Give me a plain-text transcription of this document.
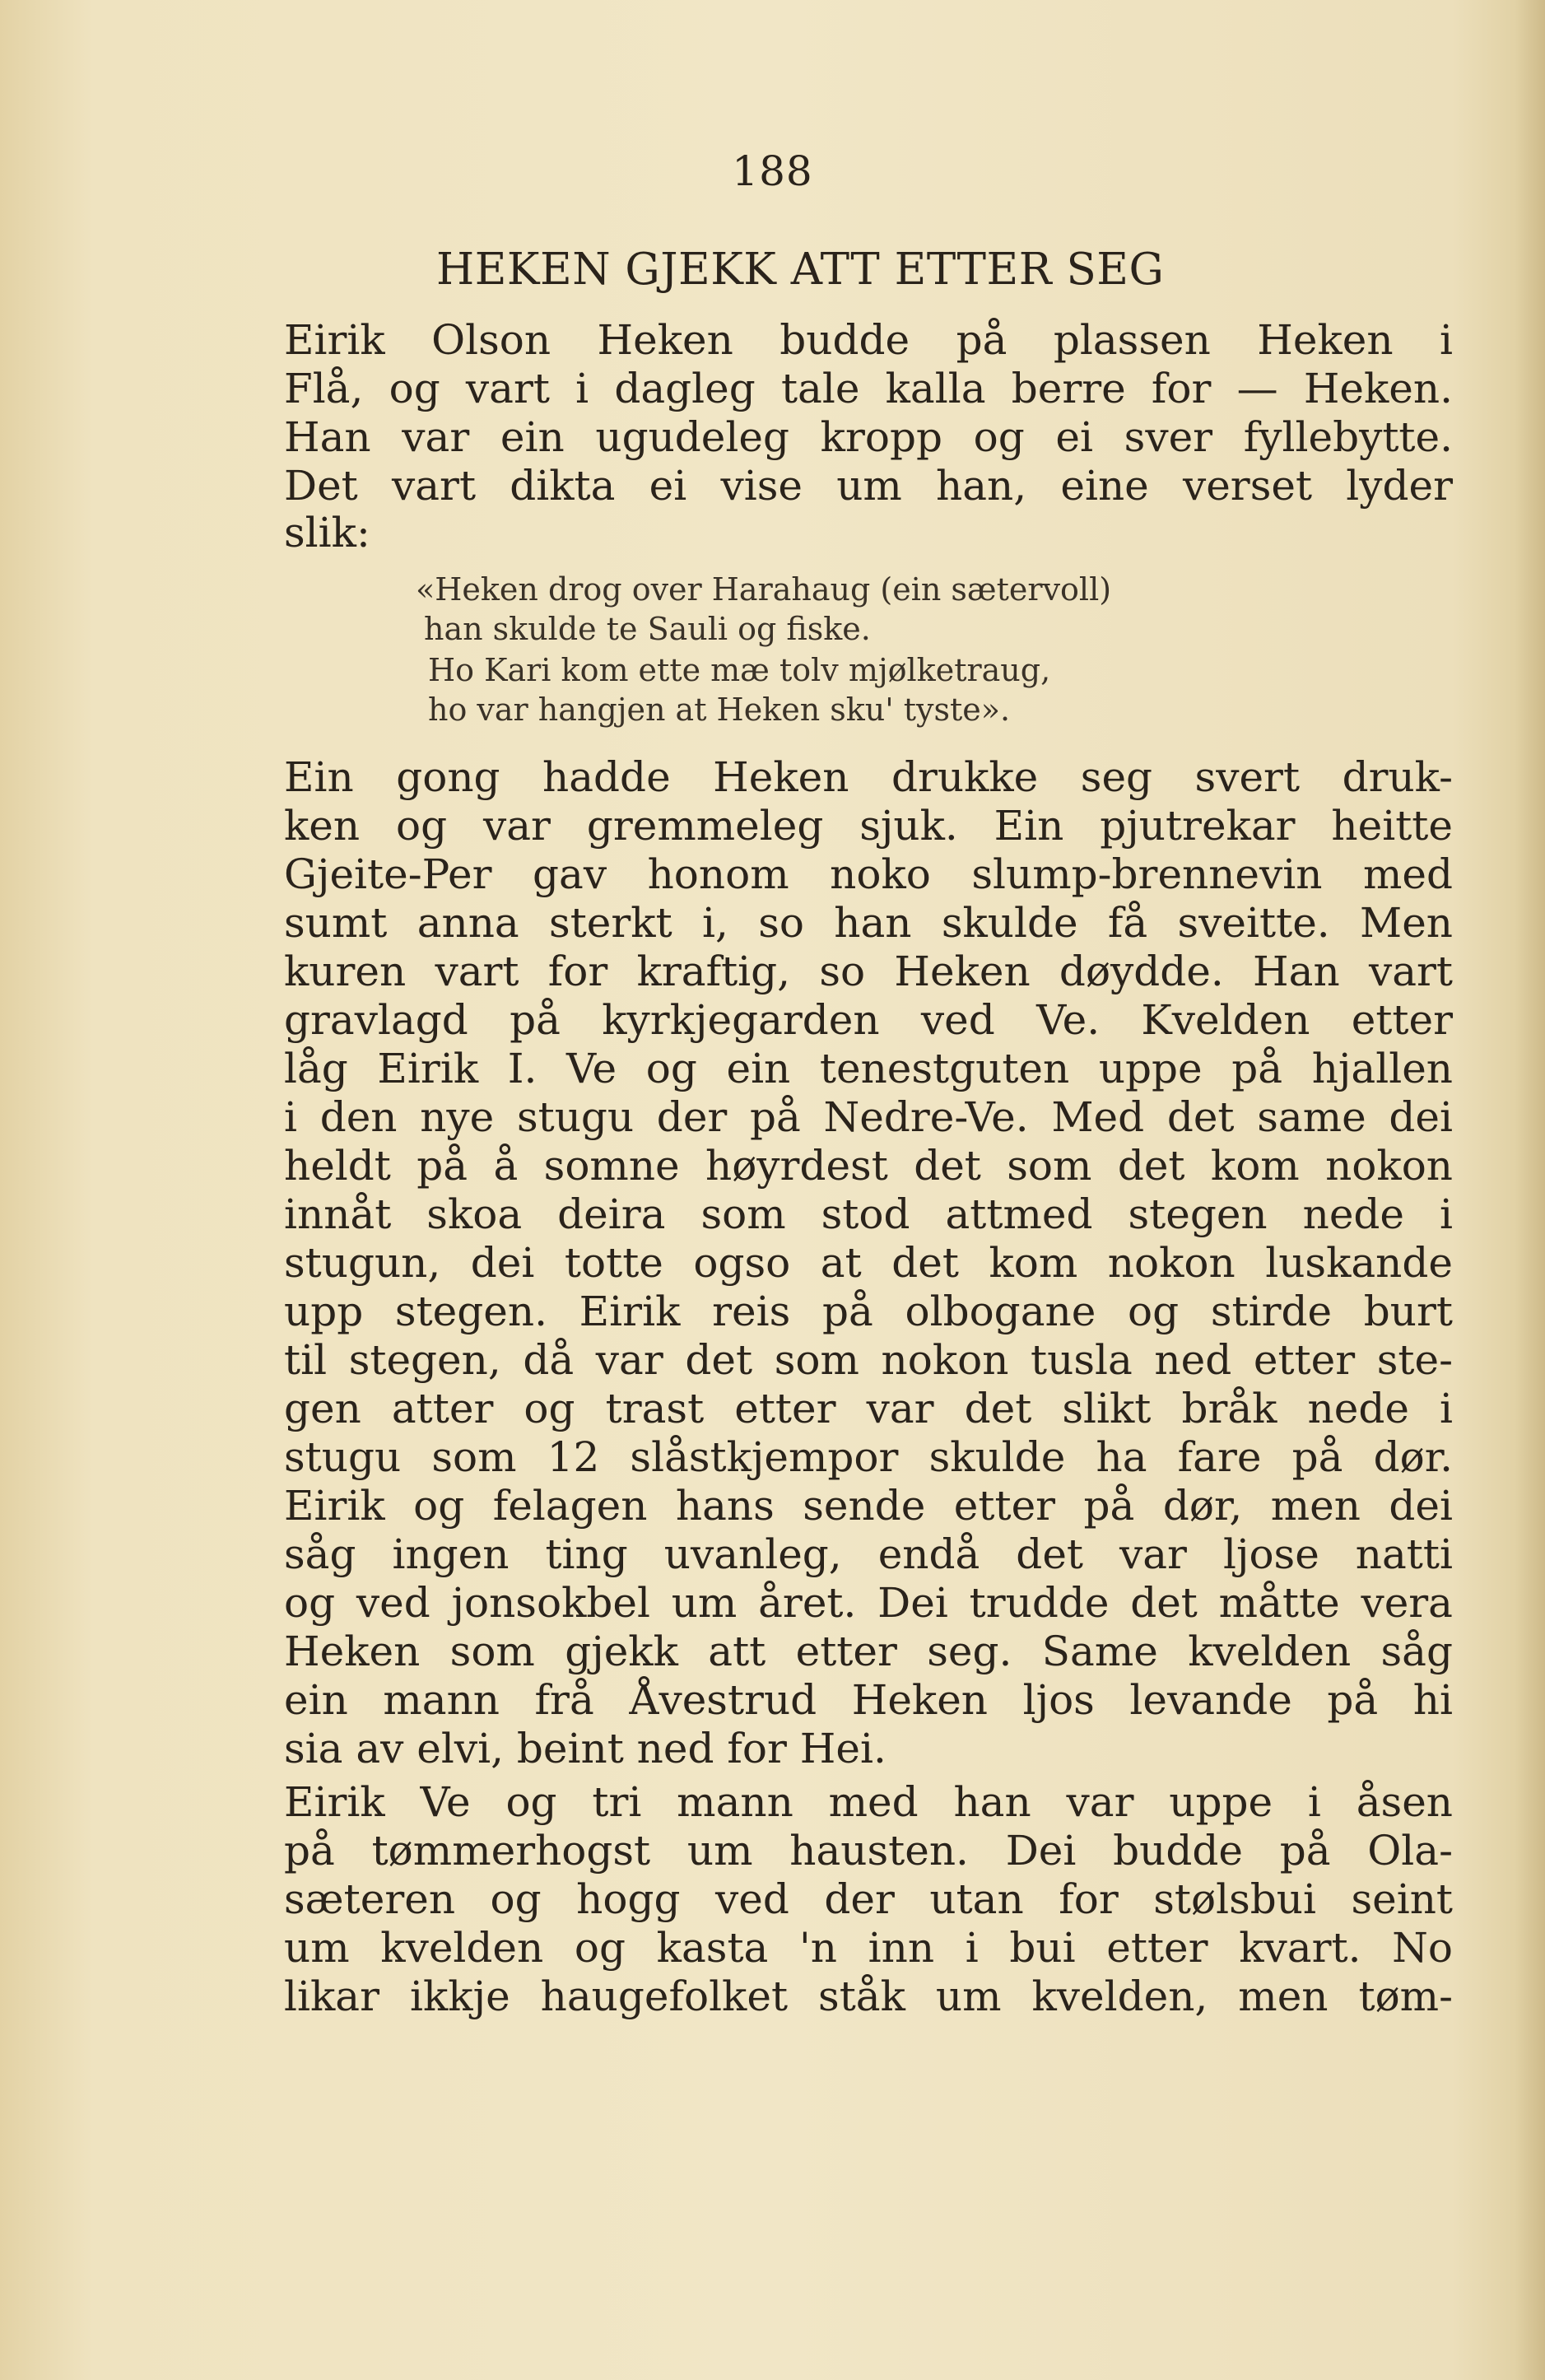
188
HEKEN GJEKK ATT ETTER SEG
Eirik Olson Heken budde på plassen Heken i
Flå, og vart i dagleg tale kalla berre for — Heken.
Han var ein ugudeleg kropp og ei sver fyllebytte.
Det vart dikta ei vise um han, eine verset lyder
slik:
«Heken drog over Harahaug (ein sætervoll)
han skulde te Sauli og fiske.
Ho Kari kom ette mæ tolv mjølketraug,
ho var hangjen at Heken sku' tyste».
Ein gong hadde Heken drukke seg svert druk-
ken og var gremmeleg sjuk. Ein pjutrekar heitte
Gjeite-Per gav honom noko slump-brennevin med
sumt anna sterkt i, so han skulde få sveitte. Men
kuren vart for kraftig, so Heken døydde. Han vart
gravlagd på kyrkjegarden ved Ve. Kvelden etter
låg Eirik I. Ve og ein tenestguten uppe på hjallen
i den nye stugu der på Nedre-Ve. Med det same dei
heldt på å somne høyrdest det som det kom nokon
innåt skoa deira som stod attmed stegen nede i
stugun, dei totte ogso at det kom nokon luskande
upp stegen. Eirik reis på olbogane og stirde burt
til stegen, då var det som nokon tusla ned etter ste-
gen atter og trast etter var det slikt bråk nede i
stugu som 12 slåstkjempor skulde ha fare på dør.
Eirik og felagen hans sende etter på dør, men dei
såg ingen ting uvanleg, endå det var ljose natti
og ved jonsokbel um året. Dei trudde det måtte vera
Heken som gjekk att etter seg. Same kvelden såg
ein mann frå Åvestrud Heken ljos levande på hi
sia av elvi, beint ned for Hei.
Eirik Ve og tri mann med han var uppe i åsen
på tømmerhogst um hausten. Dei budde på Ola-
sæteren og hogg ved der utan for stølsbui seint
um kvelden og kasta 'n inn i bui etter kvart. No
likar ikkje haugefolket ståk um kvelden, men tøm-
